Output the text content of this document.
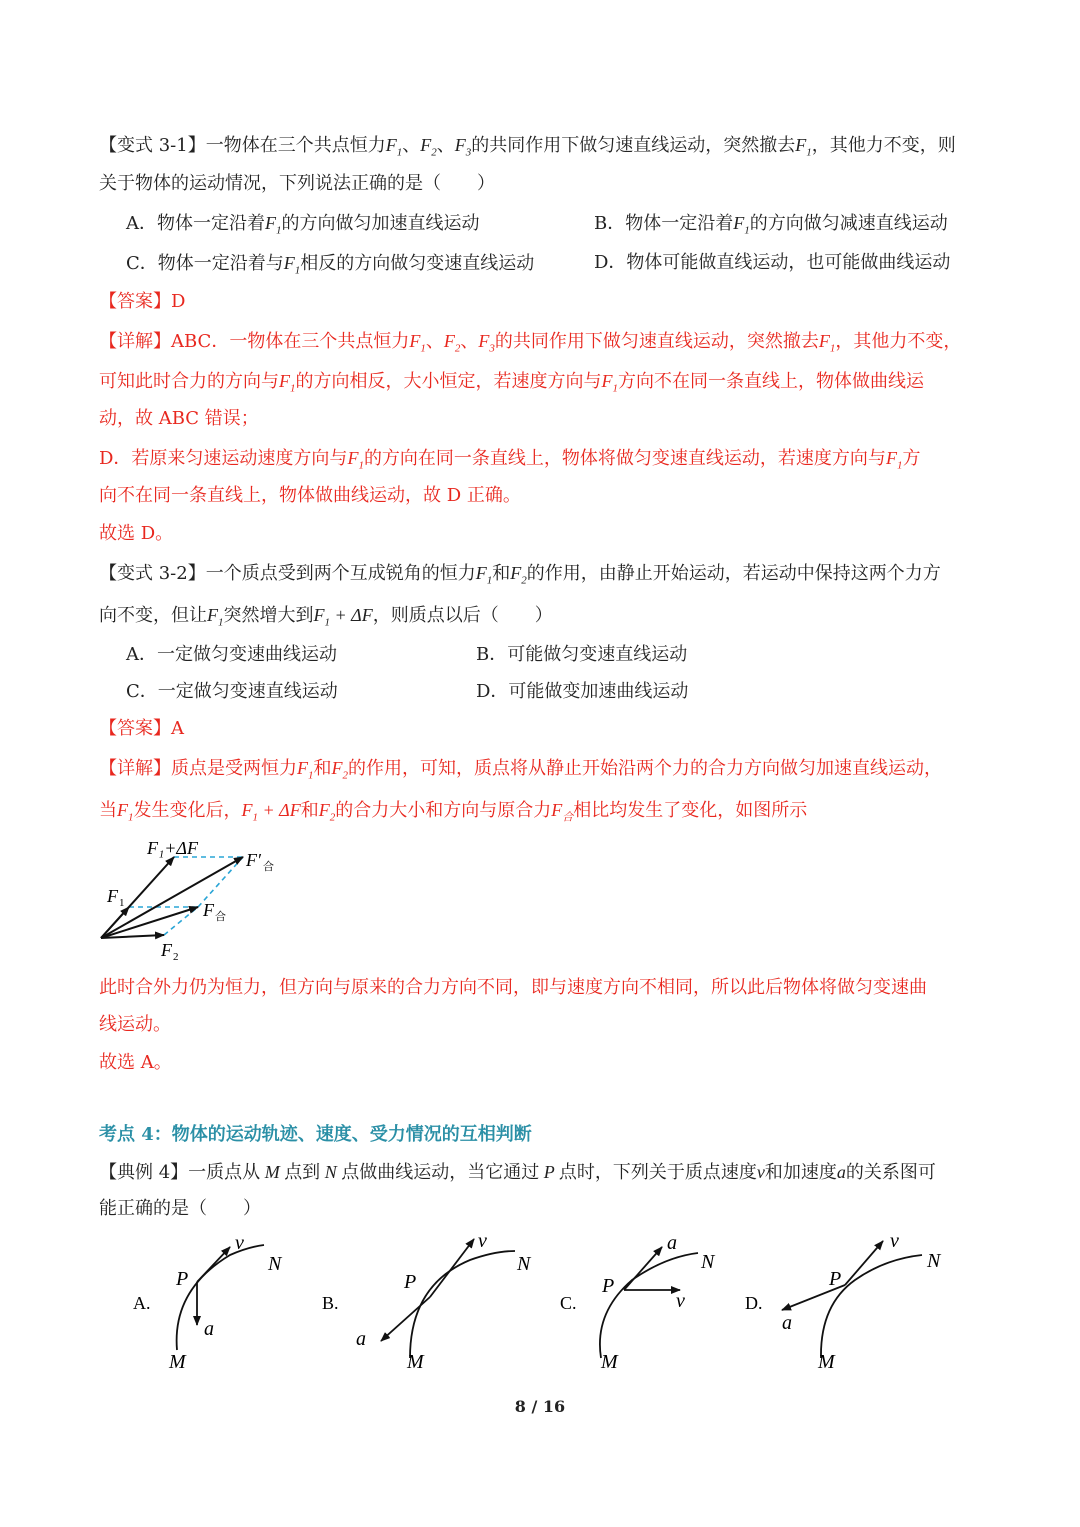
【变式 3-1】一物体在三个共点恒力$F_1$、$F_2$、$F_3$的共同作用下做匀速直线运动，突然撤去$F_1$，其他力不变，则
关于物体的运动情况，下列说法正确的是（　　）
A．物体一定沿着$F_1$的方向做匀加速直线运动	B．物体一定沿着$F_1$的方向做匀减速直线运动
C．物体一定沿着与$F_1$相反的方向做匀变速直线运动	D．物体可能做直线运动，也可能做曲线运动
【答案】D
【详解】ABC．一物体在三个共点恒力$F_1$、$F_2$、$F_3$的共同作用下做匀速直线运动，突然撤去$F_1$，其他力不变，
可知此时合力的方向与$F_1$的方向相反，大小恒定，若速度方向与$F_1$方向不在同一条直线上，物体做曲线运
动，故 ABC 错误；
D．若原来匀速运动速度方向与$F_1$的方向在同一条直线上，物体将做匀变速直线运动，若速度方向与$F_1$方
向不在同一条直线上，物体做曲线运动，故 D 正确。
故选 D。
【变式 3-2】一个质点受到两个互成锐角的恒力$F_1$和$F_2$的作用，由静止开始运动，若运动中保持这两个力方
向不变，但让$F_1$突然增大到$F_1 + \Delta F$，则质点以后（　　）
A．一定做匀变速曲线运动	B．可能做匀变速直线运动
C．一定做匀变速直线运动	D．可能做变加速曲线运动
【答案】A
【详解】质点是受两恒力$F_1$和$F_2$的作用，可知，质点将从静止开始沿两个力的合力方向做匀加速直线运动，
当$F_1$发生变化后，$F_1 + \Delta F$和$F_2$的合力大小和方向与原合力$F_合$相比均发生了变化，如图所示
F₁+ΔF
F′ 合
F 1	F 合
F 2
此时合外力仍为恒力，但方向与原来的合力方向不同，即与速度方向不相同，所以此后物体将做匀变速曲
线运动。
故选 A。
考点 4：物体的运动轨迹、速度、受力情况的互相判断
【典例 4】一质点从 M 点到 N 点做曲线运动，当它通过 P 点时，下列关于质点速度v和加速度a的关系图可
能正确的是（　　）
A.
P
v
N
a
M
B.
P
v
N
a
M
C.
P
a
N
v
M
D.
P
v
N
a
M
8 / 16
